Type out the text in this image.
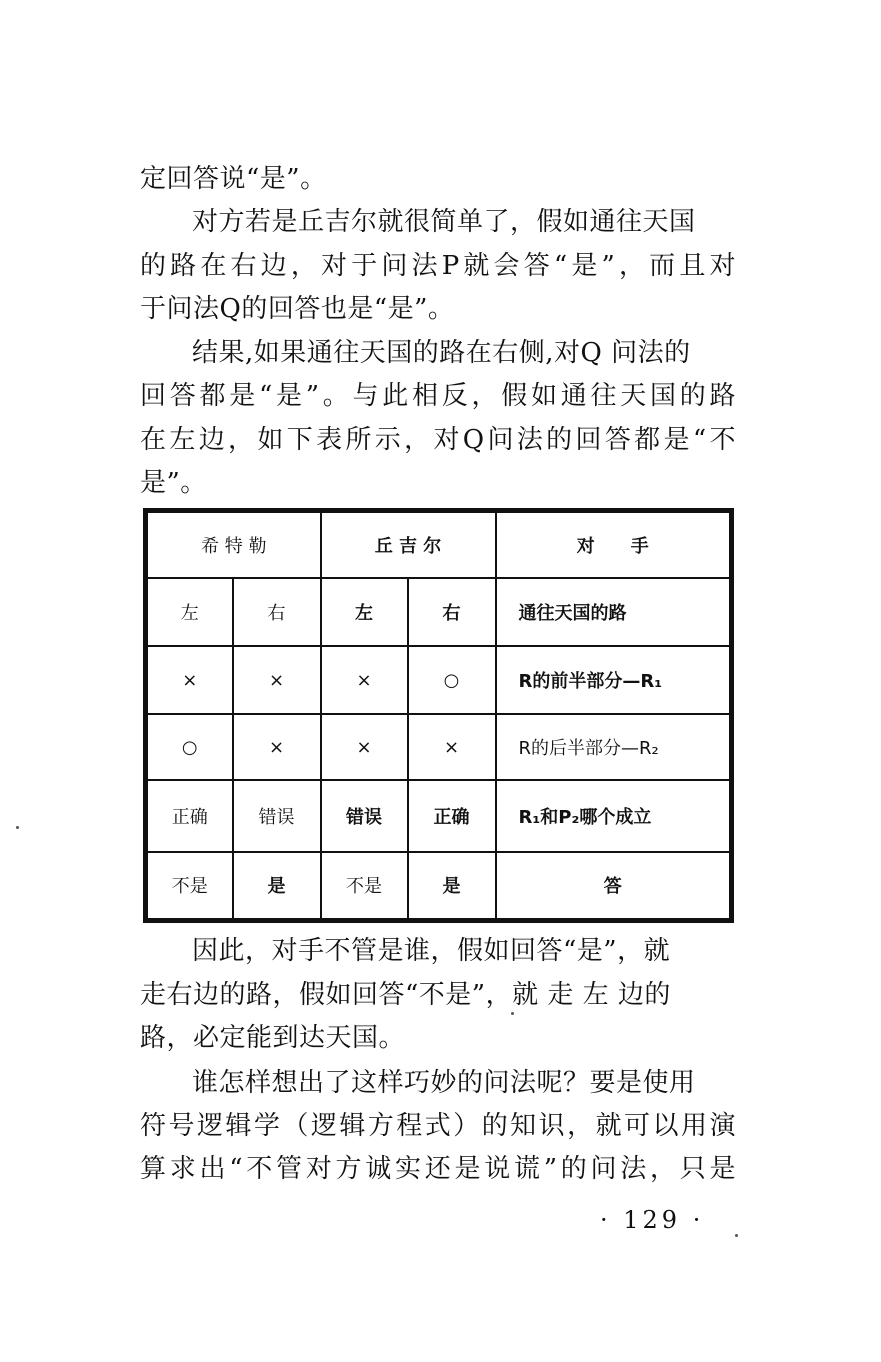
定回答说“是”。
对方若是丘吉尔就很简单了，假如通往天国
的路在右边，对于问法P就会答“是”，而且对
于问法Q的回答也是“是”。
结果,如果通往天国的路在右侧,对Q 问法的
回答都是“是”。与此相反，假如通往天国的路
在左边，如下表所示，对Q问法的回答都是“不
是”。
希 特 勒		丘 吉 尔		对　　手
左	右	左	右	通往天国的路
×	×	×	○	R的前半部分—R₁
○	×	×	×	R的后半部分—R₂
正确	错误	错误	正确	R₁和P₂哪个成立
不是	是	不是	是	答
因此，对手不管是谁，假如回答“是”，就
走右边的路，假如回答“不是”，就 走 左 边的
路，必定能到达天国。
谁怎样想出了这样巧妙的问法呢？要是使用
符号逻辑学（逻辑方程式）的知识，就可以用演
算求出“不管对方诚实还是说谎”的问法，只是
· 129 ·
